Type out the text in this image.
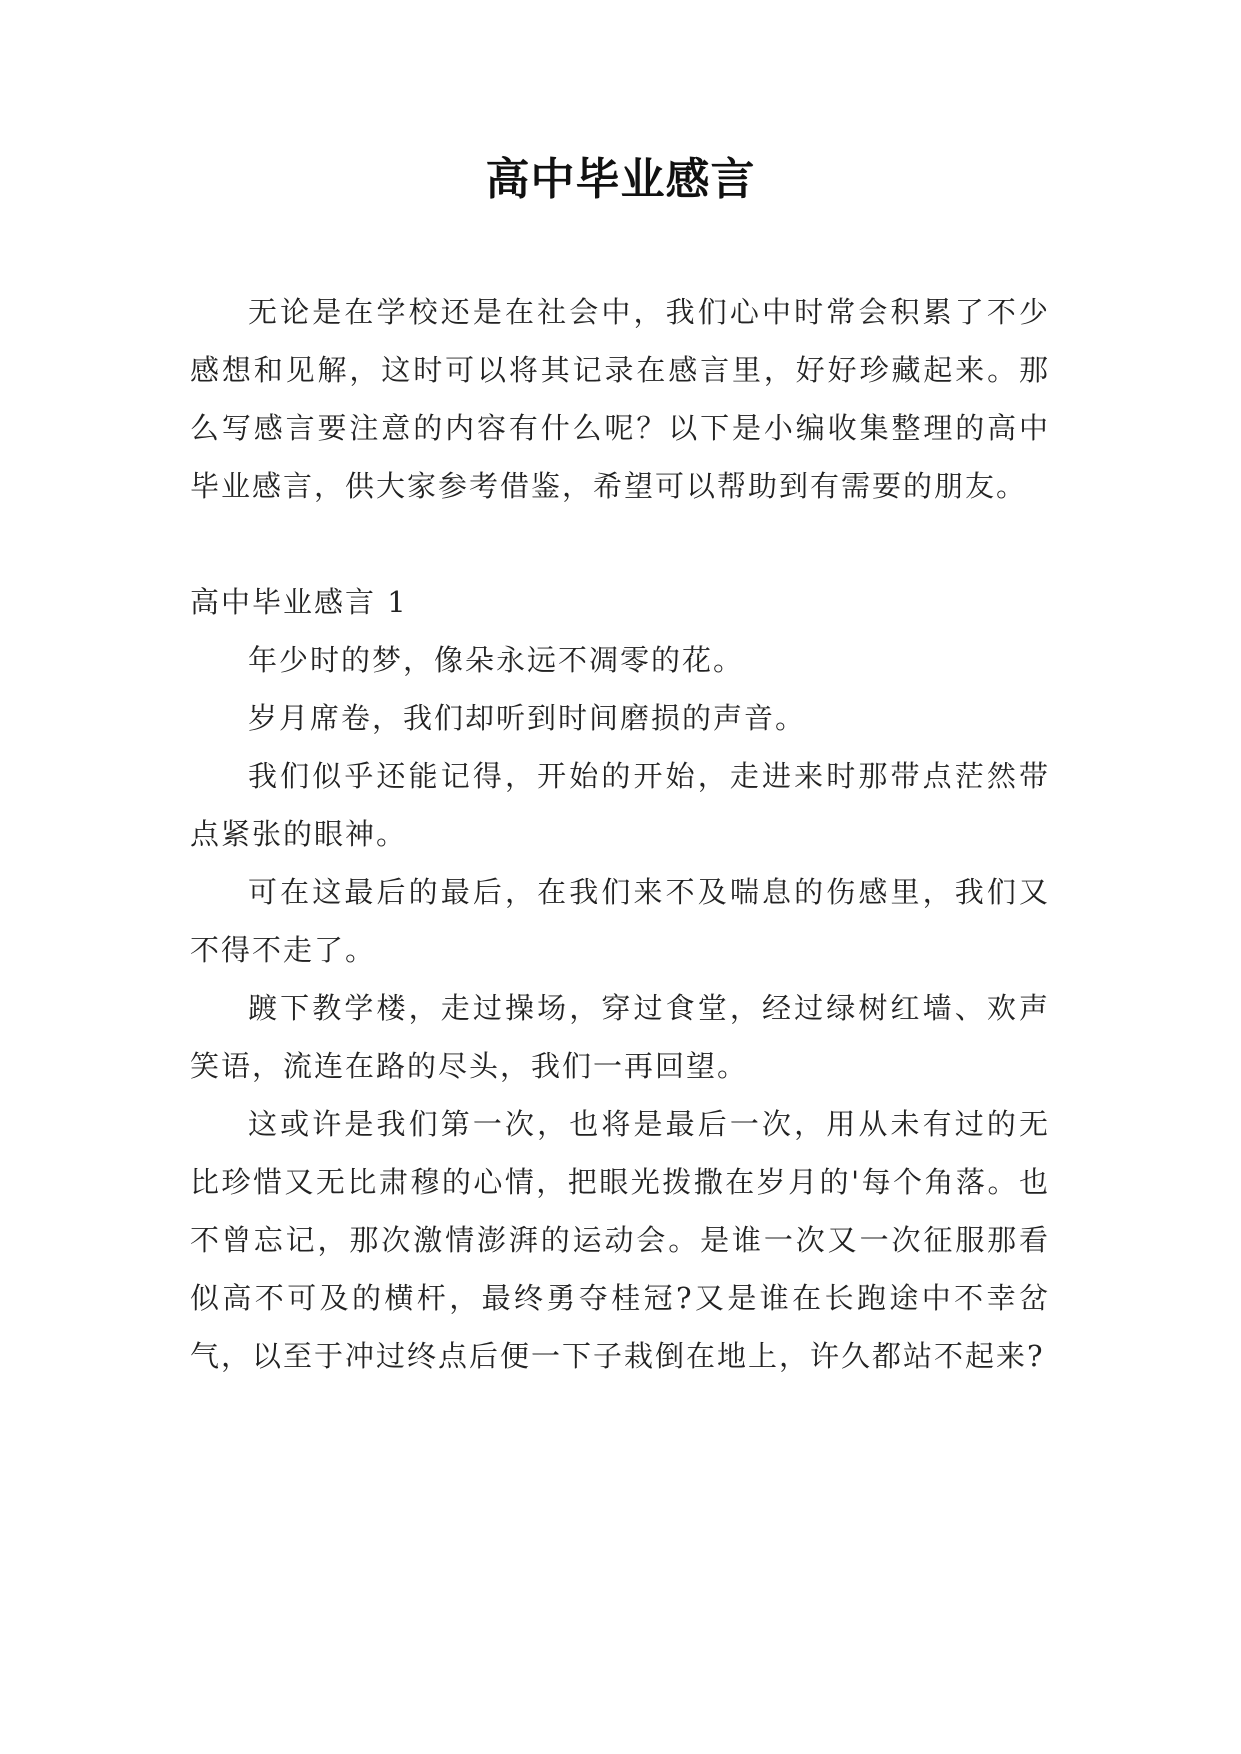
高中毕业感言

无论是在学校还是在社会中，我们心中时常会积累了不少感想和见解，这时可以将其记录在感言里，好好珍藏起来。那么写感言要注意的内容有什么呢？以下是小编收集整理的高中毕业感言，供大家参考借鉴，希望可以帮助到有需要的朋友。

高中毕业感言 1

年少时的梦，像朵永远不凋零的花。

岁月席卷，我们却听到时间磨损的声音。

我们似乎还能记得，开始的开始，走进来时那带点茫然带点紧张的眼神。

可在这最后的最后，在我们来不及喘息的伤感里，我们又不得不走了。

踱下教学楼，走过操场，穿过食堂，经过绿树红墙、欢声笑语，流连在路的尽头，我们一再回望。

这或许是我们第一次，也将是最后一次，用从未有过的无比珍惜又无比肃穆的心情，把眼光拨撒在岁月的'每个角落。也不曾忘记，那次激情澎湃的运动会。是谁一次又一次征服那看似高不可及的横杆，最终勇夺桂冠?又是谁在长跑途中不幸岔气，以至于冲过终点后便一下子栽倒在地上，许久都站不起来?
